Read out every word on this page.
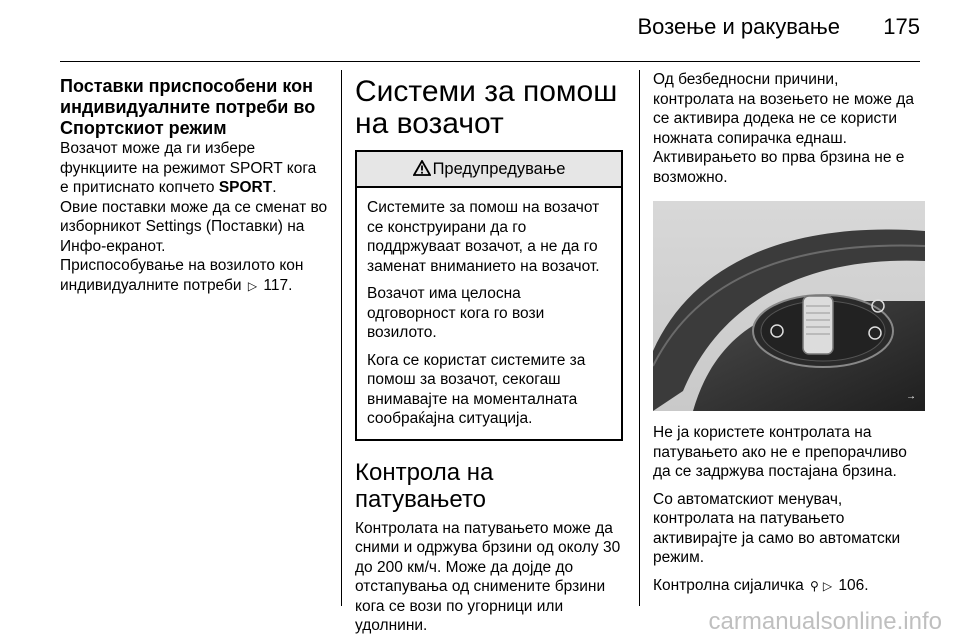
Возење и ракување 175
Поставки приспособени кон индивидуалните потреби во Спортскиот режим

Возачот може да ги избере функциите на режимот SPORT кога е притиснато копчето SPORT.

Овие поставки може да се сменат во изборникот Settings (Поставки) на Инфо-екранот.

Приспособување на возилото кон индивидуалните потреби ▷ 117.

Системи за помош на возачот
Предупредување

Системите за помош на возачот се конструирани да го поддржуваат возачот, а не да го заменат вниманието на возачот.

Возачот има целосна одговорност кога го вози возилото.

Кога се користат системите за помош за возачот, секогаш внимавајте на моменталната сообраќајна ситуација.

Контрола на патувањето

Контролата на патувањето може да сними и одржува брзини од околу 30 до 200 км/ч. Може да дојде до отстапувања од снимените брзини кога се вози по угорници или удолнини.

Од безбедносни причини, контролата на возењето не може да се активира додека не се користи ножната сопирачка еднаш. Активирањето во прва брзина не е возможно.

SET/-
→

Не ја користете контролата на патувањето ако не е препорачливо да се задржува постајана брзина.

Со автоматскиот менувач, контролата на патувањето активирајте ја само во автоматски режим.

Контролна сијаличка ⚲ ▷ 106.

carmanualsonline.info
